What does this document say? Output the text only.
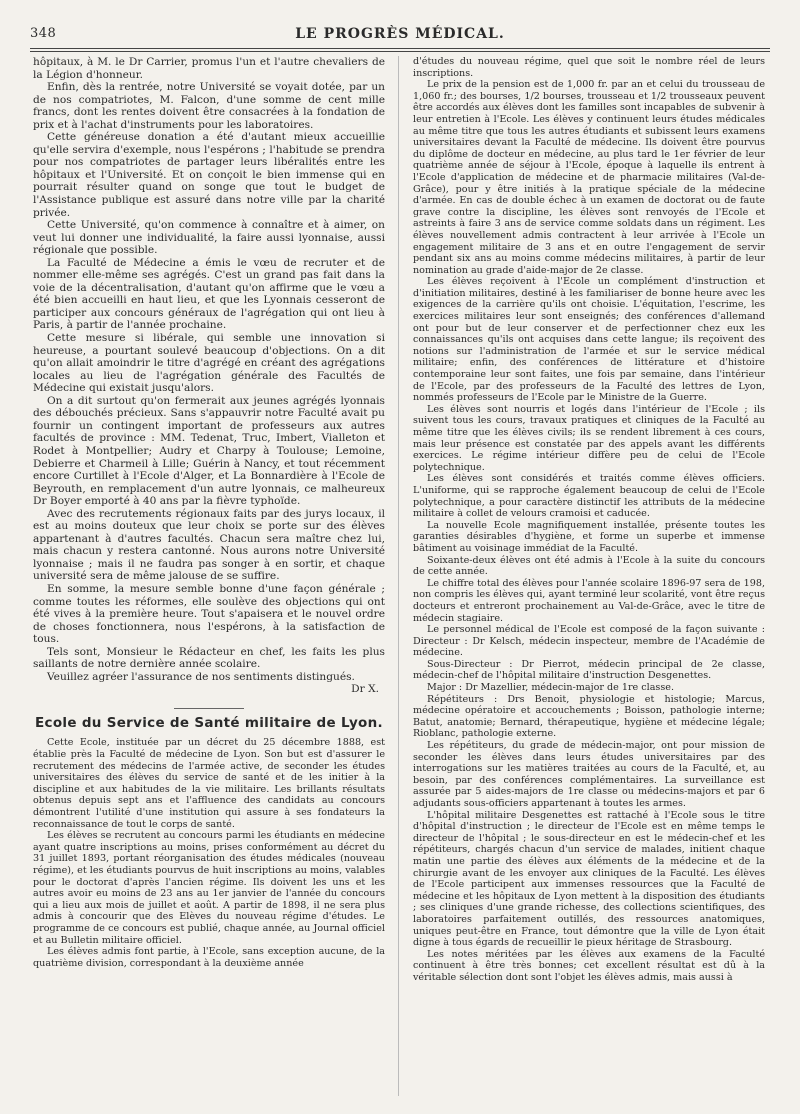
348	LE PROGRÈS MÉDICAL.

hôpitaux, à M. le Dr Carrier, promus l'un et l'autre chevaliers de la Légion d'honneur.

Enfin, dès la rentrée, notre Université se voyait dotée, par un de nos compatriotes, M. Falcon, d'une somme de cent mille francs, dont les rentes doivent être consacrées à la fondation de prix et à l'achat d'instruments pour les laboratoires.

Cette généreuse donation a été d'autant mieux accueillie qu'elle servira d'exemple, nous l'espérons ; l'habitude se prendra pour nos compatriotes de partager leurs libéralités entre les hôpitaux et l'Université. Et on conçoit le bien immense qui en pourrait résulter quand on songe que tout le budget de l'Assistance publique est assuré dans notre ville par la charité privée.

Cette Université, qu'on commence à connaître et à aimer, on veut lui donner une individualité, la faire aussi lyonnaise, aussi régionale que possible.

La Faculté de Médecine a émis le vœu de recruter et de nommer elle-même ses agrégés. C'est un grand pas fait dans la voie de la décentralisation, d'autant qu'on affirme que le vœu a été bien accueilli en haut lieu, et que les Lyonnais cesseront de participer aux concours généraux de l'agrégation qui ont lieu à Paris, à partir de l'année prochaine.

Cette mesure si libérale, qui semble une innovation si heureuse, a pourtant soulevé beaucoup d'objections. On a dit qu'on allait amoindrir le titre d'agrégé en créant des agrégations locales au lieu de l'agrégation générale des Facultés de Médecine qui existait jusqu'alors.

On a dit surtout qu'on fermerait aux jeunes agrégés lyonnais des débouchés précieux. Sans s'appauvrir notre Faculté avait pu fournir un contingent important de professeurs aux autres facultés de province : MM. Tedenat, Truc, Imbert, Vialleton et Rodet à Montpellier; Audry et Charpy à Toulouse; Lemoine, Debierre et Charmeil à Lille; Guérin à Nancy, et tout récemment encore Curtillet à l'Ecole d'Alger, et La Bonnardière à l'Ecole de Beyrouth, en remplacement d'un autre lyonnais, ce malheureux Dr Boyer emporté à 40 ans par la fièvre typhoïde.

Avec des recrutements régionaux faits par des jurys locaux, il est au moins douteux que leur choix se porte sur des élèves appartenant à d'autres facultés. Chacun sera maître chez lui, mais chacun y restera cantonné. Nous aurons notre Université lyonnaise ; mais il ne faudra pas songer à en sortir, et chaque université sera de même jalouse de se suffire.

En somme, la mesure semble bonne d'une façon générale ; comme toutes les réformes, elle soulève des objections qui ont été vives à la première heure. Tout s'apaisera et le nouvel ordre de choses fonctionnera, nous l'espérons, à la satisfaction de tous.

Tels sont, Monsieur le Rédacteur en chef, les faits les plus saillants de notre dernière année scolaire.

Veuillez agréer l'assurance de nos sentiments distingués.

Dr X.

Ecole du Service de Santé militaire de Lyon.

Cette Ecole, instituée par un décret du 25 décembre 1888, est établie près la Faculté de médecine de Lyon. Son but est d'assurer le recrutement des médecins de l'armée active, de seconder les études universitaires des élèves du service de santé et de les initier à la discipline et aux habitudes de la vie militaire. Les brillants résultats obtenus depuis sept ans et l'affluence des candidats au concours démontrent l'utilité d'une institution qui assure à ses fondateurs la reconnaissance de tout le corps de santé.

Les élèves se recrutent au concours parmi les étudiants en médecine ayant quatre inscriptions au moins, prises conformément au décret du 31 juillet 1893, portant réorganisation des études médicales (nouveau régime), et les étudiants pourvus de huit inscriptions au moins, valables pour le doctorat d'après l'ancien régime. Ils doivent les uns et les autres avoir eu moins de 23 ans au 1er janvier de l'année du concours qui a lieu aux mois de juillet et août. A partir de 1898, il ne sera plus admis à concourir que des Elèves du nouveau régime d'études. Le programme de ce concours est publié, chaque année, au Journal officiel et au Bulletin militaire officiel.

Les élèves admis font partie, à l'Ecole, sans exception aucune, de la quatrième division, correspondant à la deuxième année

d'études du nouveau régime, quel que soit le nombre réel de leurs inscriptions.

Le prix de la pension est de 1,000 fr. par an et celui du trousseau de 1,060 fr.; des bourses, 1/2 bourses, trousseau et 1/2 trousseaux peuvent être accordés aux élèves dont les familles sont incapables de subvenir à leur entretien à l'Ecole. Les élèves y continuent leurs études médicales au même titre que tous les autres étudiants et subissent leurs examens universitaires devant la Faculté de médecine. Ils doivent être pourvus du diplôme de docteur en médecine, au plus tard le 1er février de leur quatrième année de séjour à l'Ecole, époque à laquelle ils entrent à l'Ecole d'application de médecine et de pharmacie militaires (Val-de-Grâce), pour y être initiés à la pratique spéciale de la médecine d'armée. En cas de double échec à un examen de doctorat ou de faute grave contre la discipline, les élèves sont renvoyés de l'Ecole et astreints à faire 3 ans de service comme soldats dans un régiment. Les élèves nouvellement admis contractent à leur arrivée à l'Ecole un engagement militaire de 3 ans et en outre l'engagement de servir pendant six ans au moins comme médecins militaires, à partir de leur nomination au grade d'aide-major de 2e classe.

Les élèves reçoivent à l'Ecole un complément d'instruction et d'initiation militaires, destiné à les familiariser de bonne heure avec les exigences de la carrière qu'ils ont choisie. L'équitation, l'escrime, les exercices militaires leur sont enseignés; des conférences d'allemand ont pour but de leur conserver et de perfectionner chez eux les connaissances qu'ils ont acquises dans cette langue; ils reçoivent des notions sur l'administration de l'armée et sur le service médical militaire; enfin, des conférences de littérature et d'histoire contemporaine leur sont faites, une fois par semaine, dans l'intérieur de l'Ecole, par des professeurs de la Faculté des lettres de Lyon, nommés professeurs de l'Ecole par le Ministre de la Guerre.

Les élèves sont nourris et logés dans l'intérieur de l'Ecole ; ils suivent tous les cours, travaux pratiques et cliniques de la Faculté au même titre que les élèves civils; ils se rendent librement à ces cours, mais leur présence est constatée par des appels avant les différents exercices. Le régime intérieur diffère peu de celui de l'Ecole polytechnique.

Les élèves sont considérés et traités comme élèves officiers. L'uniforme, qui se rapproche également beaucoup de celui de l'Ecole polytechnique, a pour caractère distinctif les attributs de la médecine militaire à collet de velours cramoisi et caducée.

La nouvelle Ecole magnifiquement installée, présente toutes les garanties désirables d'hygiène, et forme un superbe et immense bâtiment au voisinage immédiat de la Faculté.

Soixante-deux élèves ont été admis à l'Ecole à la suite du concours de cette année.

Le chiffre total des élèves pour l'année scolaire 1896-97 sera de 198, non compris les élèves qui, ayant terminé leur scolarité, vont être reçus docteurs et entreront prochainement au Val-de-Grâce, avec le titre de médecin stagiaire.

Le personnel médical de l'Ecole est composé de la façon suivante : Directeur : Dr Kelsch, médecin inspecteur, membre de l'Académie de médecine.

Sous-Directeur : Dr Pierrot, médecin principal de 2e classe, médecin-chef de l'hôpital militaire d'instruction Desgenettes.

Major : Dr Mazellier, médecin-major de 1re classe.

Répétiteurs : Drs Benoit, physiologie et histologie; Marcus, médecine opératoire et accouchements ; Boisson, pathologie interne; Batut, anatomie; Bernard, thérapeutique, hygiène et médecine légale; Rioblanc, pathologie externe.

Les répétiteurs, du grade de médecin-major, ont pour mission de seconder les élèves dans leurs études universitaires par des interrogations sur les matières traitées au cours de la Faculté, et, au besoin, par des conférences complémentaires. La surveillance est assurée par 5 aides-majors de 1re classe ou médecins-majors et par 6 adjudants sous-officiers appartenant à toutes les armes.

L'hôpital militaire Desgenettes est rattaché à l'Ecole sous le titre d'hôpital d'instruction ; le directeur de l'Ecole est en même temps le directeur de l'hôpital ; le sous-directeur en est le médecin-chef et les répétiteurs, chargés chacun d'un service de malades, initient chaque matin une partie des élèves aux éléments de la médecine et de la chirurgie avant de les envoyer aux cliniques de la Faculté. Les élèves de l'Ecole participent aux immenses ressources que la Faculté de médecine et les hôpitaux de Lyon mettent à la disposition des étudiants ; ses cliniques d'une grande richesse, des collections scientifiques, des laboratoires parfaitement outillés, des ressources anatomiques, uniques peut-être en France, tout démontre que la ville de Lyon était digne à tous égards de recueillir le pieux héritage de Strasbourg.

Les notes méritées par les élèves aux examens de la Faculté continuent à être très bonnes; cet excellent résultat est dû à la véritable sélection dont sont l'objet les élèves admis, mais aussi à
